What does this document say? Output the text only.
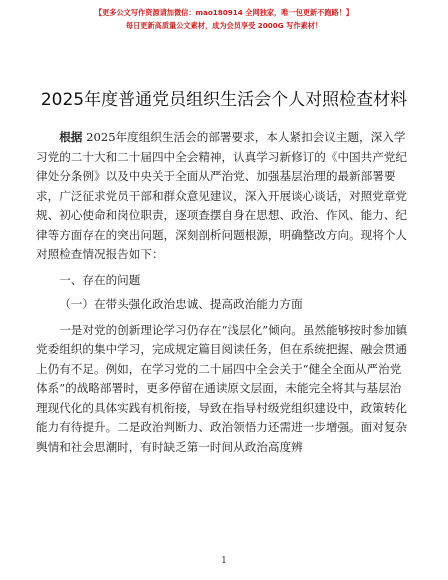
【更多公文写作资源请加微信：mao180914 全网独家，唯一包更新不跑路！】
每日更新高质量公文素材，成为会员享受 2000G 写作素材！
2025年度普通党员组织生活会个人对照检查材料

根据 2025年度组织生活会的部署要求，本人紧扣会议主题，深入学习党的二十大和二十届四中全会精神，认真学习新修订的《中国共产党纪律处分条例》以及中央关于全面从严治党、加强基层治理的最新部署要求，广泛征求党员干部和群众意见建议，深入开展谈心谈话，对照党章党规、初心使命和岗位职责，逐项查摆自身在思想、政治、作风、能力、纪律等方面存在的突出问题，深刻剖析问题根源，明确整改方向。现将个人对照检查情况报告如下：

一、存在的问题

（一）在带头强化政治忠诚、提高政治能力方面

一是对党的创新理论学习仍存在“浅层化”倾向。虽然能够按时参加镇党委组织的集中学习，完成规定篇目阅读任务，但在系统把握、融会贯通上仍有不足。例如，在学习党的二十届四中全会关于“健全全面从严治党体系”的战略部署时，更多停留在通读原文层面，未能完全将其与基层治理现代化的具体实践有机衔接，导致在指导村级党组织建设中，政策转化能力有待提升。二是政治判断力、政治领悟力还需进一步增强。面对复杂舆情和社会思潮时，有时缺乏第一时间从政治高度辨

1
